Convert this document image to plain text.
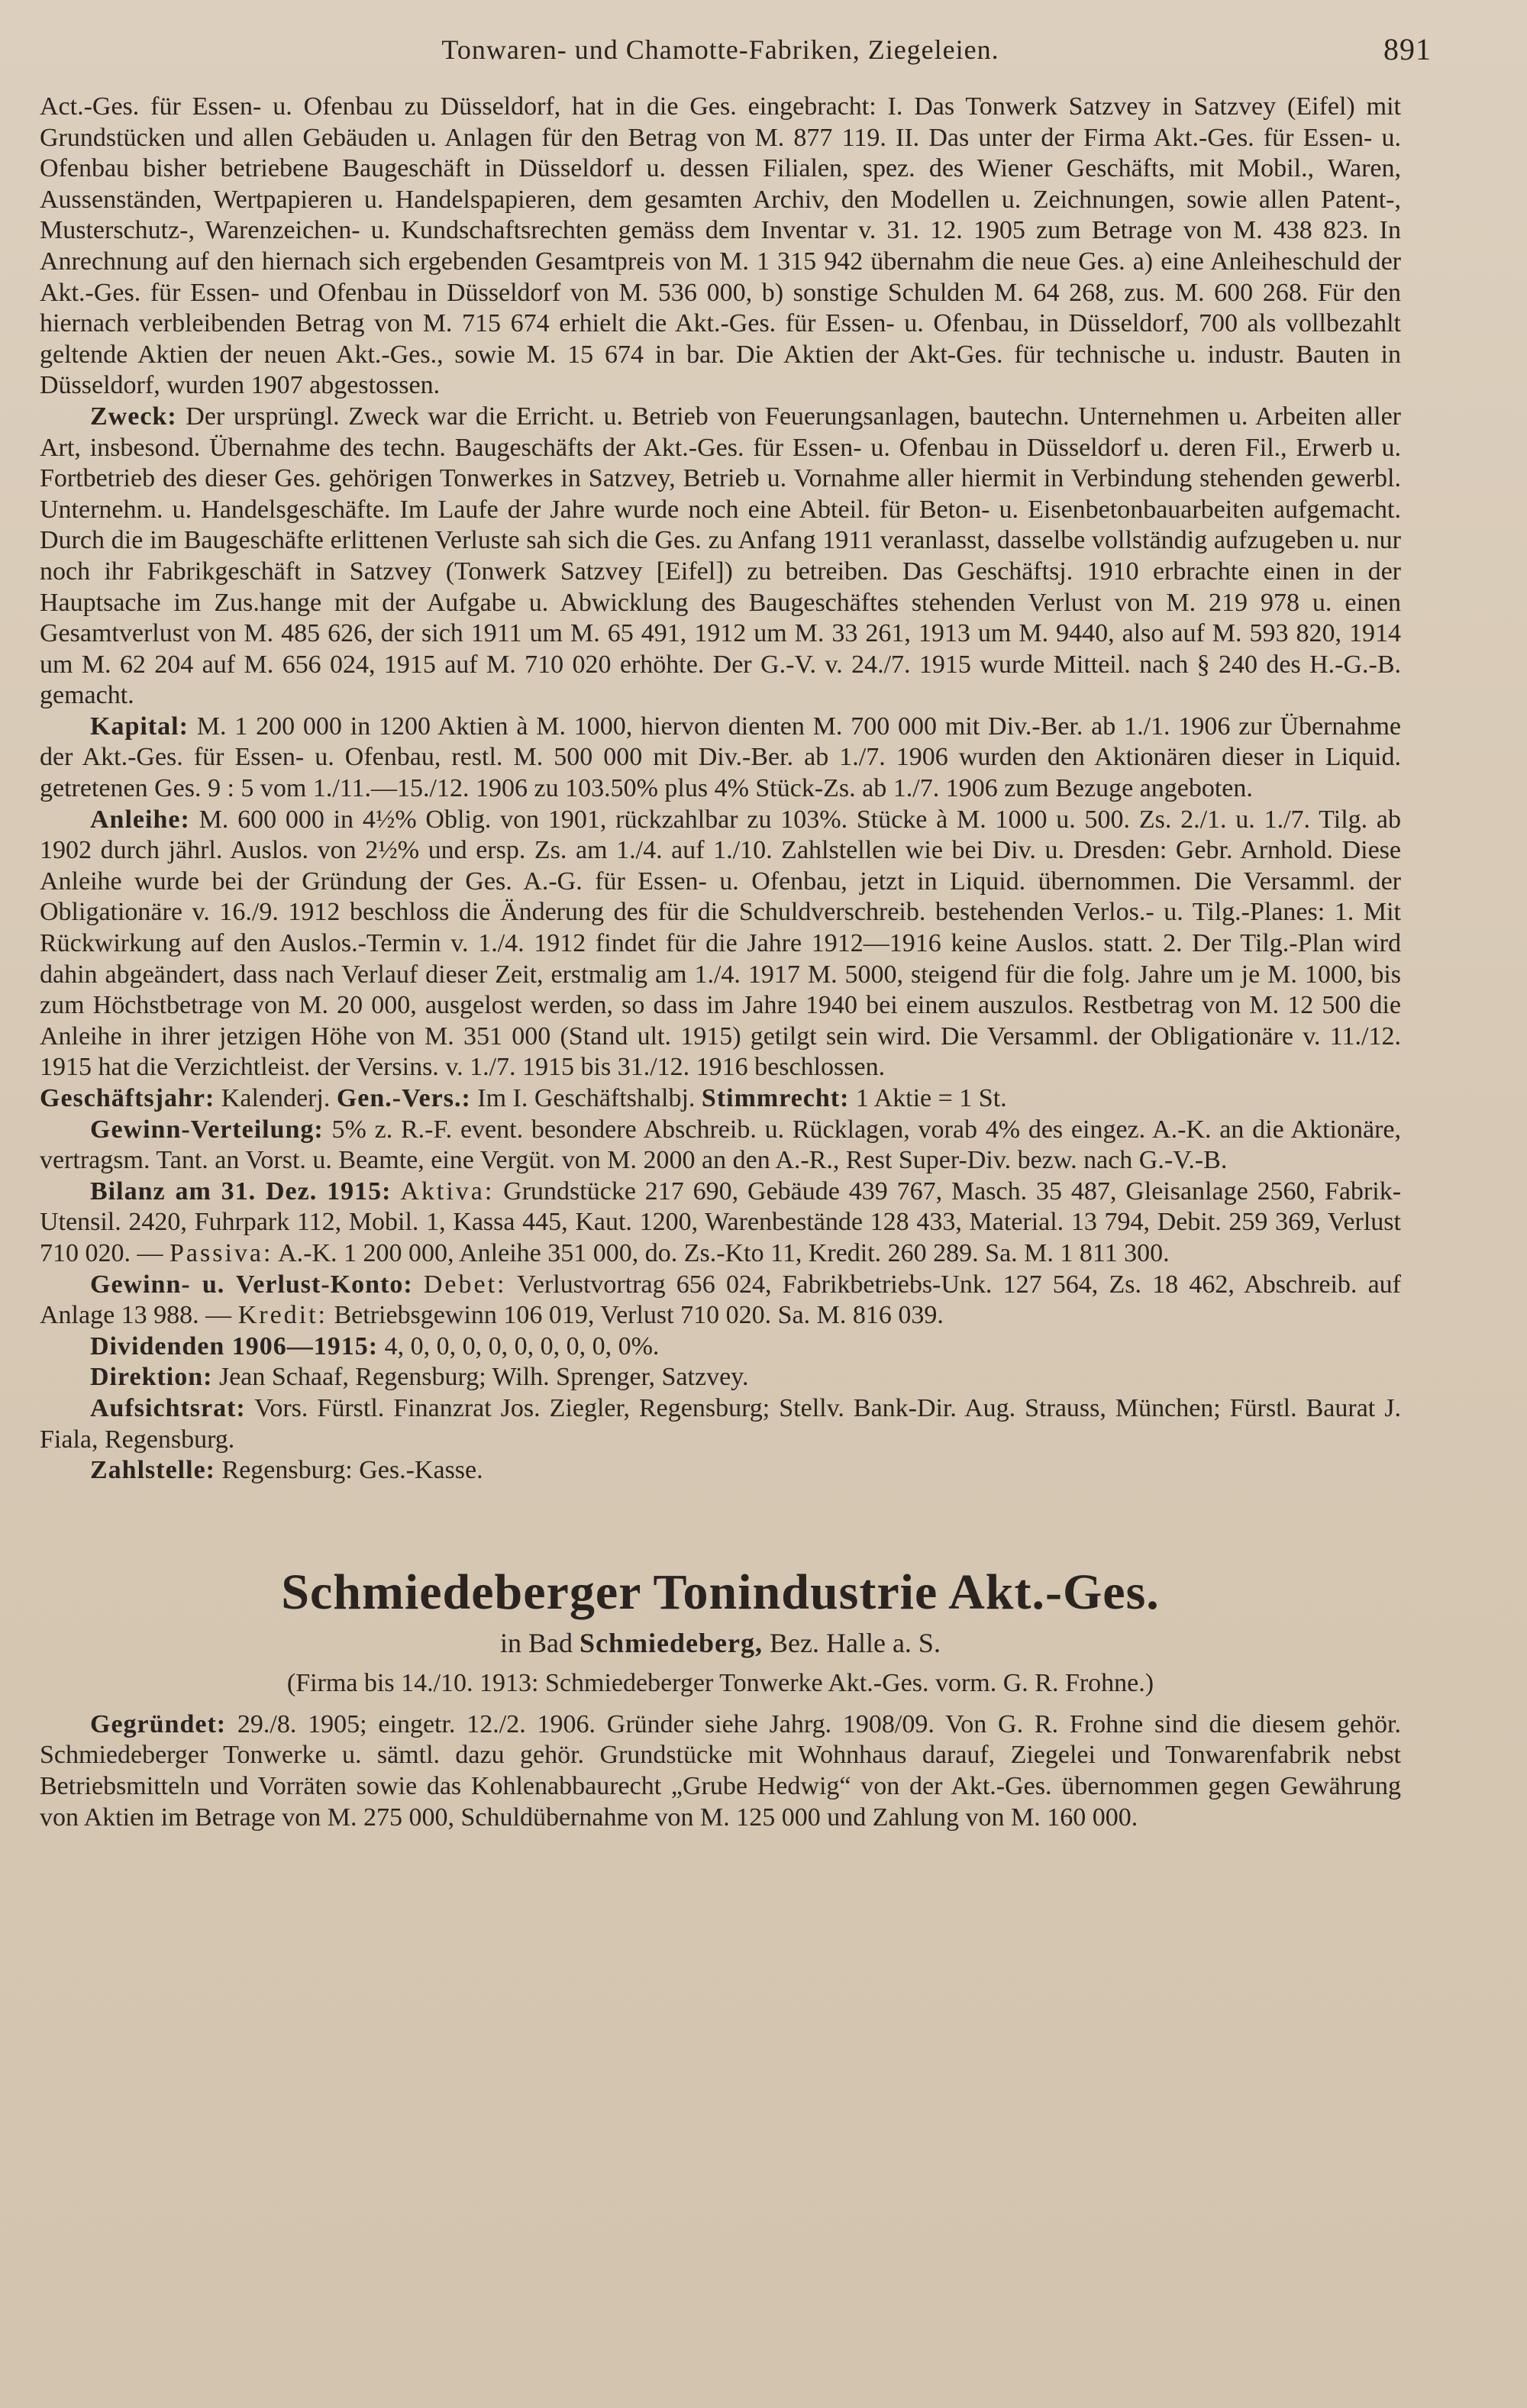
Tonwaren- und Chamotte-Fabriken, Ziegeleien.	891

Act.-Ges. für Essen- u. Ofenbau zu Düsseldorf, hat in die Ges. eingebracht: I. Das Tonwerk Satzvey in Satzvey (Eifel) mit Grundstücken und allen Gebäuden u. Anlagen für den Betrag von M. 877 119. II. Das unter der Firma Akt.-Ges. für Essen- u. Ofenbau bisher betriebene Baugeschäft in Düsseldorf u. dessen Filialen, spez. des Wiener Geschäfts, mit Mobil., Waren, Aussenständen, Wertpapieren u. Handelspapieren, dem gesamten Archiv, den Modellen u. Zeichnungen, sowie allen Patent-, Musterschutz-, Warenzeichen- u. Kundschaftsrechten gemäss dem Inventar v. 31. 12. 1905 zum Betrage von M. 438 823. In Anrechnung auf den hiernach sich ergebenden Gesamtpreis von M. 1 315 942 übernahm die neue Ges. a) eine Anleiheschuld der Akt.-Ges. für Essen- und Ofenbau in Düsseldorf von M. 536 000, b) sonstige Schulden M. 64 268, zus. M. 600 268. Für den hiernach verbleibenden Betrag von M. 715 674 erhielt die Akt.-Ges. für Essen- u. Ofenbau, in Düsseldorf, 700 als vollbezahlt geltende Aktien der neuen Akt.-Ges., sowie M. 15 674 in bar. Die Aktien der Akt-Ges. für technische u. industr. Bauten in Düsseldorf, wurden 1907 abgestossen.

Zweck: Der ursprüngl. Zweck war die Erricht. u. Betrieb von Feuerungsanlagen, bautechn. Unternehmen u. Arbeiten aller Art, insbesond. Übernahme des techn. Baugeschäfts der Akt.-Ges. für Essen- u. Ofenbau in Düsseldorf u. deren Fil., Erwerb u. Fortbetrieb des dieser Ges. gehörigen Tonwerkes in Satzvey, Betrieb u. Vornahme aller hiermit in Verbindung stehenden gewerbl. Unternehm. u. Handelsgeschäfte. Im Laufe der Jahre wurde noch eine Abteil. für Beton- u. Eisenbetonbauarbeiten aufgemacht. Durch die im Baugeschäfte erlittenen Verluste sah sich die Ges. zu Anfang 1911 veranlasst, dasselbe vollständig aufzugeben u. nur noch ihr Fabrikgeschäft in Satzvey (Tonwerk Satzvey [Eifel]) zu betreiben. Das Geschäftsj. 1910 erbrachte einen in der Hauptsache im Zus.hange mit der Aufgabe u. Abwicklung des Baugeschäftes stehenden Verlust von M. 219 978 u. einen Gesamtverlust von M. 485 626, der sich 1911 um M. 65 491, 1912 um M. 33 261, 1913 um M. 9440, also auf M. 593 820, 1914 um M. 62 204 auf M. 656 024, 1915 auf M. 710 020 erhöhte. Der G.-V. v. 24./7. 1915 wurde Mitteil. nach § 240 des H.-G.-B. gemacht.

Kapital: M. 1 200 000 in 1200 Aktien à M. 1000, hiervon dienten M. 700 000 mit Div.-Ber. ab 1./1. 1906 zur Übernahme der Akt.-Ges. für Essen- u. Ofenbau, restl. M. 500 000 mit Div.-Ber. ab 1./7. 1906 wurden den Aktionären dieser in Liquid. getretenen Ges. 9 : 5 vom 1./11.—15./12. 1906 zu 103.50% plus 4% Stück-Zs. ab 1./7. 1906 zum Bezuge angeboten.

Anleihe: M. 600 000 in 4½% Oblig. von 1901, rückzahlbar zu 103%. Stücke à M. 1000 u. 500. Zs. 2./1. u. 1./7. Tilg. ab 1902 durch jährl. Auslos. von 2½% und ersp. Zs. am 1./4. auf 1./10. Zahlstellen wie bei Div. u. Dresden: Gebr. Arnhold. Diese Anleihe wurde bei der Gründung der Ges. A.-G. für Essen- u. Ofenbau, jetzt in Liquid. übernommen. Die Versamml. der Obligationäre v. 16./9. 1912 beschloss die Änderung des für die Schuldverschreib. bestehenden Verlos.- u. Tilg.-Planes: 1. Mit Rückwirkung auf den Auslos.-Termin v. 1./4. 1912 findet für die Jahre 1912—1916 keine Auslos. statt. 2. Der Tilg.-Plan wird dahin abgeändert, dass nach Verlauf dieser Zeit, erstmalig am 1./4. 1917 M. 5000, steigend für die folg. Jahre um je M. 1000, bis zum Höchstbetrage von M. 20 000, ausgelost werden, so dass im Jahre 1940 bei einem auszulos. Restbetrag von M. 12 500 die Anleihe in ihrer jetzigen Höhe von M. 351 000 (Stand ult. 1915) getilgt sein wird. Die Versamml. der Obligationäre v. 11./12. 1915 hat die Verzichtleist. der Versins. v. 1./7. 1915 bis 31./12. 1916 beschlossen.

Geschäftsjahr: Kalenderj. Gen.-Vers.: Im I. Geschäftshalbj. Stimmrecht: 1 Aktie = 1 St.

Gewinn-Verteilung: 5% z. R.-F. event. besondere Abschreib. u. Rücklagen, vorab 4% des eingez. A.-K. an die Aktionäre, vertragsm. Tant. an Vorst. u. Beamte, eine Vergüt. von M. 2000 an den A.-R., Rest Super-Div. bezw. nach G.-V.-B.

Bilanz am 31. Dez. 1915: Aktiva: Grundstücke 217 690, Gebäude 439 767, Masch. 35 487, Gleisanlage 2560, Fabrik-Utensil. 2420, Fuhrpark 112, Mobil. 1, Kassa 445, Kaut. 1200, Warenbestände 128 433, Material. 13 794, Debit. 259 369, Verlust 710 020. — Passiva: A.-K. 1 200 000, Anleihe 351 000, do. Zs.-Kto 11, Kredit. 260 289. Sa. M. 1 811 300.

Gewinn- u. Verlust-Konto: Debet: Verlustvortrag 656 024, Fabrikbetriebs-Unk. 127 564, Zs. 18 462, Abschreib. auf Anlage 13 988. — Kredit: Betriebsgewinn 106 019, Verlust 710 020. Sa. M. 816 039.

Dividenden 1906—1915: 4, 0, 0, 0, 0, 0, 0, 0, 0, 0%.

Direktion: Jean Schaaf, Regensburg; Wilh. Sprenger, Satzvey.

Aufsichtsrat: Vors. Fürstl. Finanzrat Jos. Ziegler, Regensburg; Stellv. Bank-Dir. Aug. Strauss, München; Fürstl. Baurat J. Fiala, Regensburg.

Zahlstelle: Regensburg: Ges.-Kasse.

Schmiedeberger Tonindustrie Akt.-Ges.
in Bad Schmiedeberg, Bez. Halle a. S.
(Firma bis 14./10. 1913: Schmiedeberger Tonwerke Akt.-Ges. vorm. G. R. Frohne.)

Gegründet: 29./8. 1905; eingetr. 12./2. 1906. Gründer siehe Jahrg. 1908/09. Von G. R. Frohne sind die diesem gehör. Schmiedeberger Tonwerke u. sämtl. dazu gehör. Grundstücke mit Wohnhaus darauf, Ziegelei und Tonwarenfabrik nebst Betriebsmitteln und Vorräten sowie das Kohlenabbaurecht „Grube Hedwig“ von der Akt.-Ges. übernommen gegen Gewährung von Aktien im Betrage von M. 275 000, Schuldübernahme von M. 125 000 und Zahlung von M. 160 000.
